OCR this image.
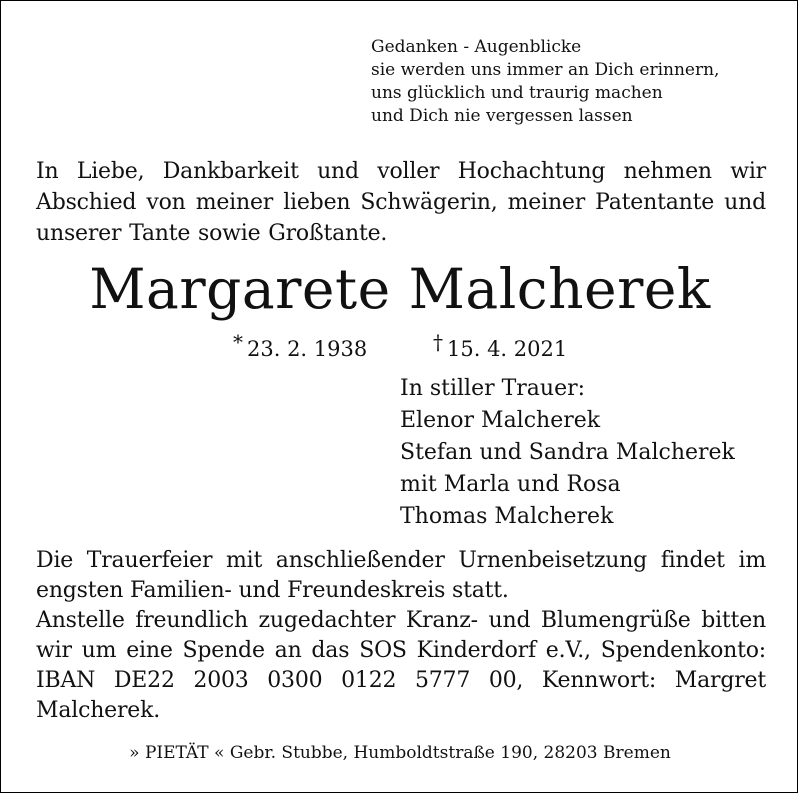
Gedanken - Augenblicke
sie werden uns immer an Dich erinnern,
uns glücklich und traurig machen
und Dich nie vergessen lassen
In Liebe, Dankbarkeit und voller Hochachtung nehmen wir Abschied von meiner lieben Schwägerin, meiner Patentante und unserer Tante sowie Großtante.
Margarete Malcherek
* 23. 2. 1938	† 15. 4. 2021
In stiller Trauer:
Elenor Malcherek
Stefan und Sandra Malcherek
mit Marla und Rosa
Thomas Malcherek

Die Trauerfeier mit anschließender Urnenbeisetzung findet im engsten Familien- und Freundeskreis statt.

Anstelle freundlich zugedachter Kranz- und Blumengrüße bitten wir um eine Spende an das SOS Kinderdorf e.V., Spendenkonto: IBAN DE22 2003 0300 0122 5777 00, Kennwort: Margret Malcherek.

» PIETÄT « Gebr. Stubbe, Humboldtstraße 190, 28203 Bremen
